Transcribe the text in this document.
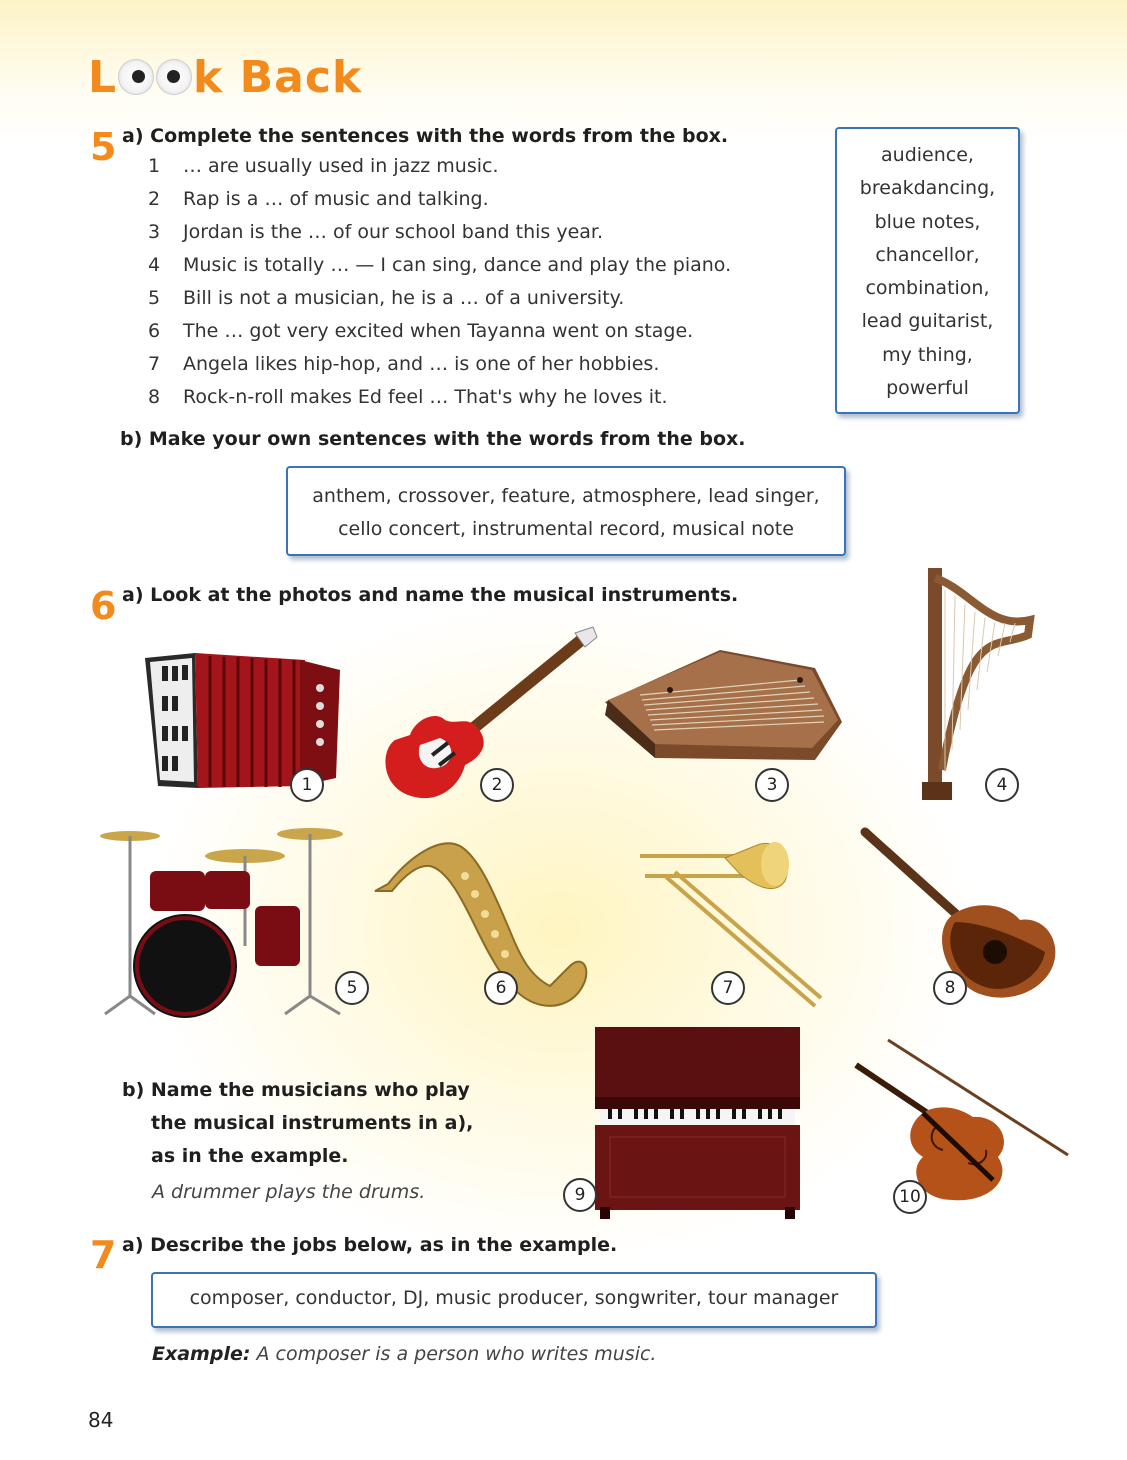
L k Back
5 a) Complete the sentences with the words from the box.
1 … are usually used in jazz music.
2 Rap is a … of music and talking.
3 Jordan is the … of our school band this year.
4 Music is totally … — I can sing, dance and play the piano.
5 Bill is not a musician, he is a … of a university.
6 The … got very excited when Tayanna went on stage.
7 Angela likes hip-hop, and … is one of her hobbies.
8 Rock-n-roll makes Ed feel … That's why he loves it.
audience,
breakdancing,
blue notes,
chancellor,
combination,
lead guitarist,
my thing,
powerful
b) Make your own sentences with the words from the box.
anthem, crossover, feature, atmosphere, lead singer,
cello concert, instrumental record, musical note
6 a) Look at the photos and name the musical instruments.
1	2	3	4
5	6	7	8
9	10
b) Name the musicians who play
the musical instruments in a),
as in the example.
A drummer plays the drums.
7 a) Describe the jobs below, as in the example.
composer, conductor, DJ, music producer, songwriter, tour manager
Example: A composer is a person who writes music.
84
